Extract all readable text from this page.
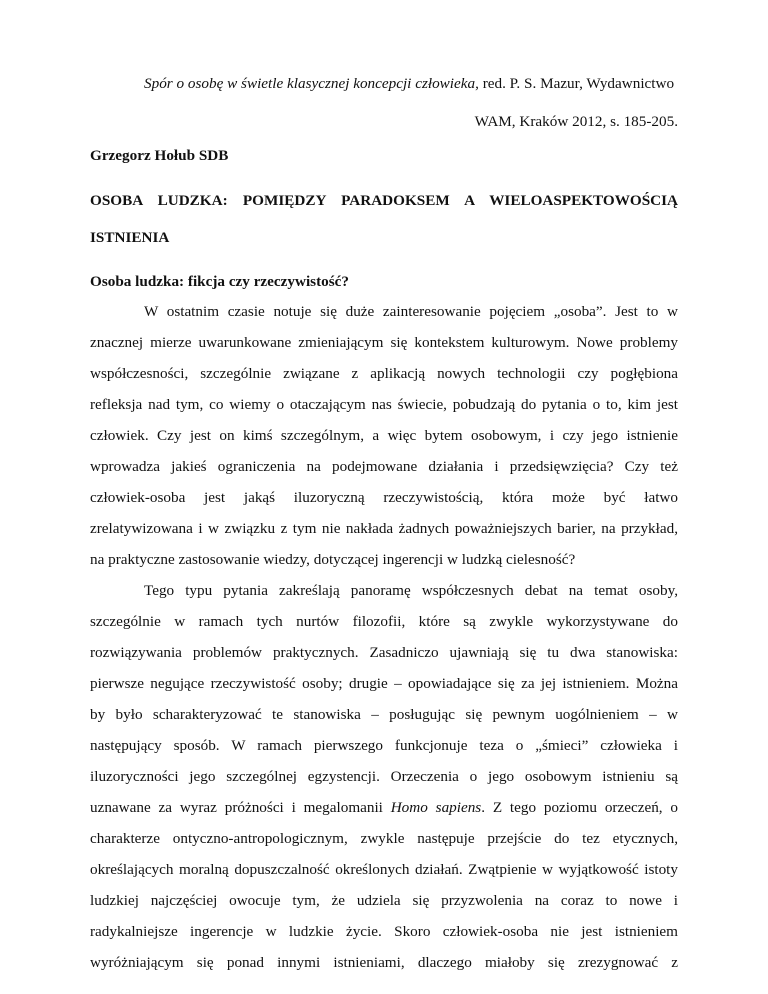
Spór o osobę w świetle klasycznej koncepcji człowieka, red. P. S. Mazur, Wydawnictwo
WAM, Kraków 2012, s. 185-205.
Grzegorz Hołub SDB
OSOBA LUDZKA: POMIĘDZY PARADOKSEM A WIELOASPEKTOWOŚCIĄ
ISTNIENIA
Osoba ludzka: fikcja czy rzeczywistość?
W ostatnim czasie notuje się duże zainteresowanie pojęciem „osoba”. Jest to w
znacznej mierze uwarunkowane zmieniającym się kontekstem kulturowym. Nowe problemy
współczesności, szczególnie związane z aplikacją nowych technologii czy pogłębiona
refleksja nad tym, co wiemy o otaczającym nas świecie, pobudzają do pytania o to, kim jest
człowiek. Czy jest on kimś szczególnym, a więc bytem osobowym, i czy jego istnienie
wprowadza jakieś ograniczenia na podejmowane działania i przedsięwzięcia? Czy też
człowiek-osoba jest jakąś iluzoryczną rzeczywistością, która może być łatwo
zrelatywizowana i w związku z tym nie nakłada żadnych poważniejszych barier, na przykład,
na praktyczne zastosowanie wiedzy, dotyczącej ingerencji w ludzką cielesność?
Tego typu pytania zakreślają panoramę współczesnych debat na temat osoby,
szczególnie w ramach tych nurtów filozofii, które są zwykle wykorzystywane do
rozwiązywania problemów praktycznych. Zasadniczo ujawniają się tu dwa stanowiska:
pierwsze negujące rzeczywistość osoby; drugie – opowiadające się za jej istnieniem. Można
by było scharakteryzować te stanowiska – posługując się pewnym uogólnieniem – w
następujący sposób. W ramach pierwszego funkcjonuje teza o „śmieci” człowieka i
iluzoryczności jego szczególnej egzystencji. Orzeczenia o jego osobowym istnieniu są
uznawane za wyraz próżności i megalomanii Homo sapiens. Z tego poziomu orzeczeń, o
charakterze ontyczno-antropologicznym, zwykle następuje przejście do tez etycznych,
określających moralną dopuszczalność określonych działań. Zwątpienie w wyjątkowość istoty
ludzkiej najczęściej owocuje tym, że udziela się przyzwolenia na coraz to nowe i
radykalniejsze ingerencje w ludzkie życie. Skoro człowiek-osoba nie jest istnieniem
wyróżniającym się ponad innymi istnieniami, dlaczego miałoby się zrezygnować z
